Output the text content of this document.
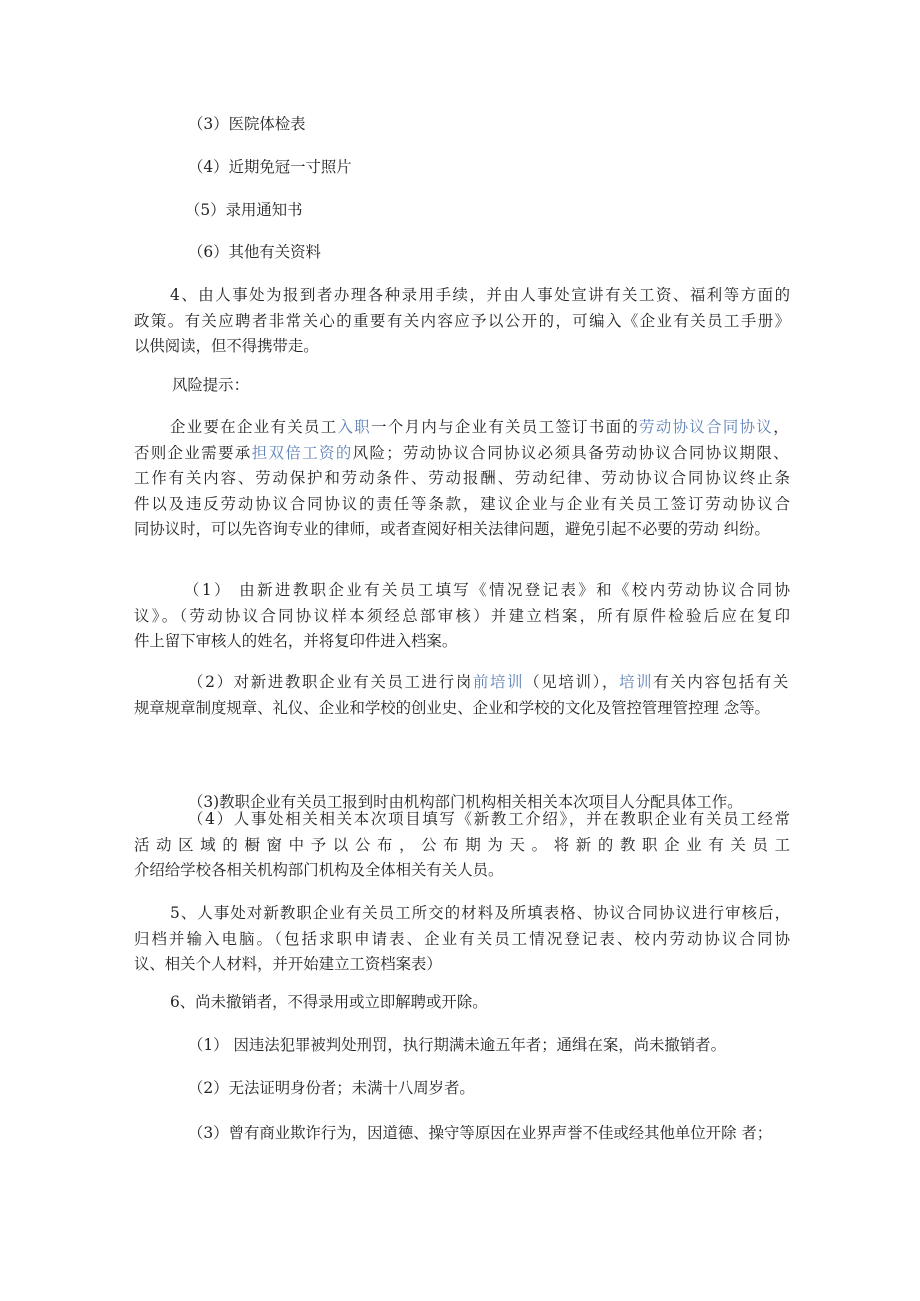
（3）医院体检表

（4）近期免冠一寸照片

（5）录用通知书

（6）其他有关资料

4、由人事处为报到者办理各种录用手续，并由人事处宣讲有关工资、福利等方面的 政策。有关应聘者非常关心的重要有关内容应予以公开的，可编入《企业有关员工手册》 以供阅读，但不得携带走。

风险提示：

企业要在企业有关员工入职一个月内与企业有关员工签订书面的劳动协议合同协议， 否则企业需要承担双倍工资的风险；劳动协议合同协议必须具备劳动协议合同协议期限、 工作有关内容、劳动保护和劳动条件、劳动报酬、劳动纪律、劳动协议合同协议终止条 件以及违反劳动协议合同协议的责任等条款，建议企业与企业有关员工签订劳动协议合 同协议时，可以先咨询专业的律师，或者查阅好相关法律问题，避免引起不必要的劳动 纠纷。
（1） 由新进教职企业有关员工填写《情况登记表》和《校内劳动协议合同协 议》。（劳动协议合同协议样本须经总部审核）并建立档案，所有原件检验后应在复印 件上留下审核人的姓名，并将复印件进入档案。
（2）对新进教职企业有关员工进行岗前培训（见培训），培训有关内容包括有关 规章规章制度规章、礼仪、企业和学校的创业史、企业和学校的文化及管控管理管控理 念等。
（3)教职企业有关员工报到时由机构部门机构相关相关本次项目人分配具体工作。
（4）人事处相关相关本次项目填写《新教工介绍》，并在教职企业有关员工经常 活动区域的橱窗中予以公布，公布期为天。将新的教职企业有关员工 介绍给学校各相关机构部门机构及全体相关有关人员。
5、人事处对新教职企业有关员工所交的材料及所填表格、协议合同协议进行审核后， 归档并输入电脑。（包括求职申请表、企业有关员工情况登记表、校内劳动协议合同协 议、相关个人材料，并开始建立工资档案表）

6、尚未撤销者，不得录用或立即解聘或开除。

（1） 因违法犯罪被判处刑罚，执行期满未逾五年者；通缉在案，尚未撤销者。

（2）无法证明身份者；未满十八周岁者。

（3）曾有商业欺诈行为，因道德、操守等原因在业界声誉不佳或经其他单位开除 者；
